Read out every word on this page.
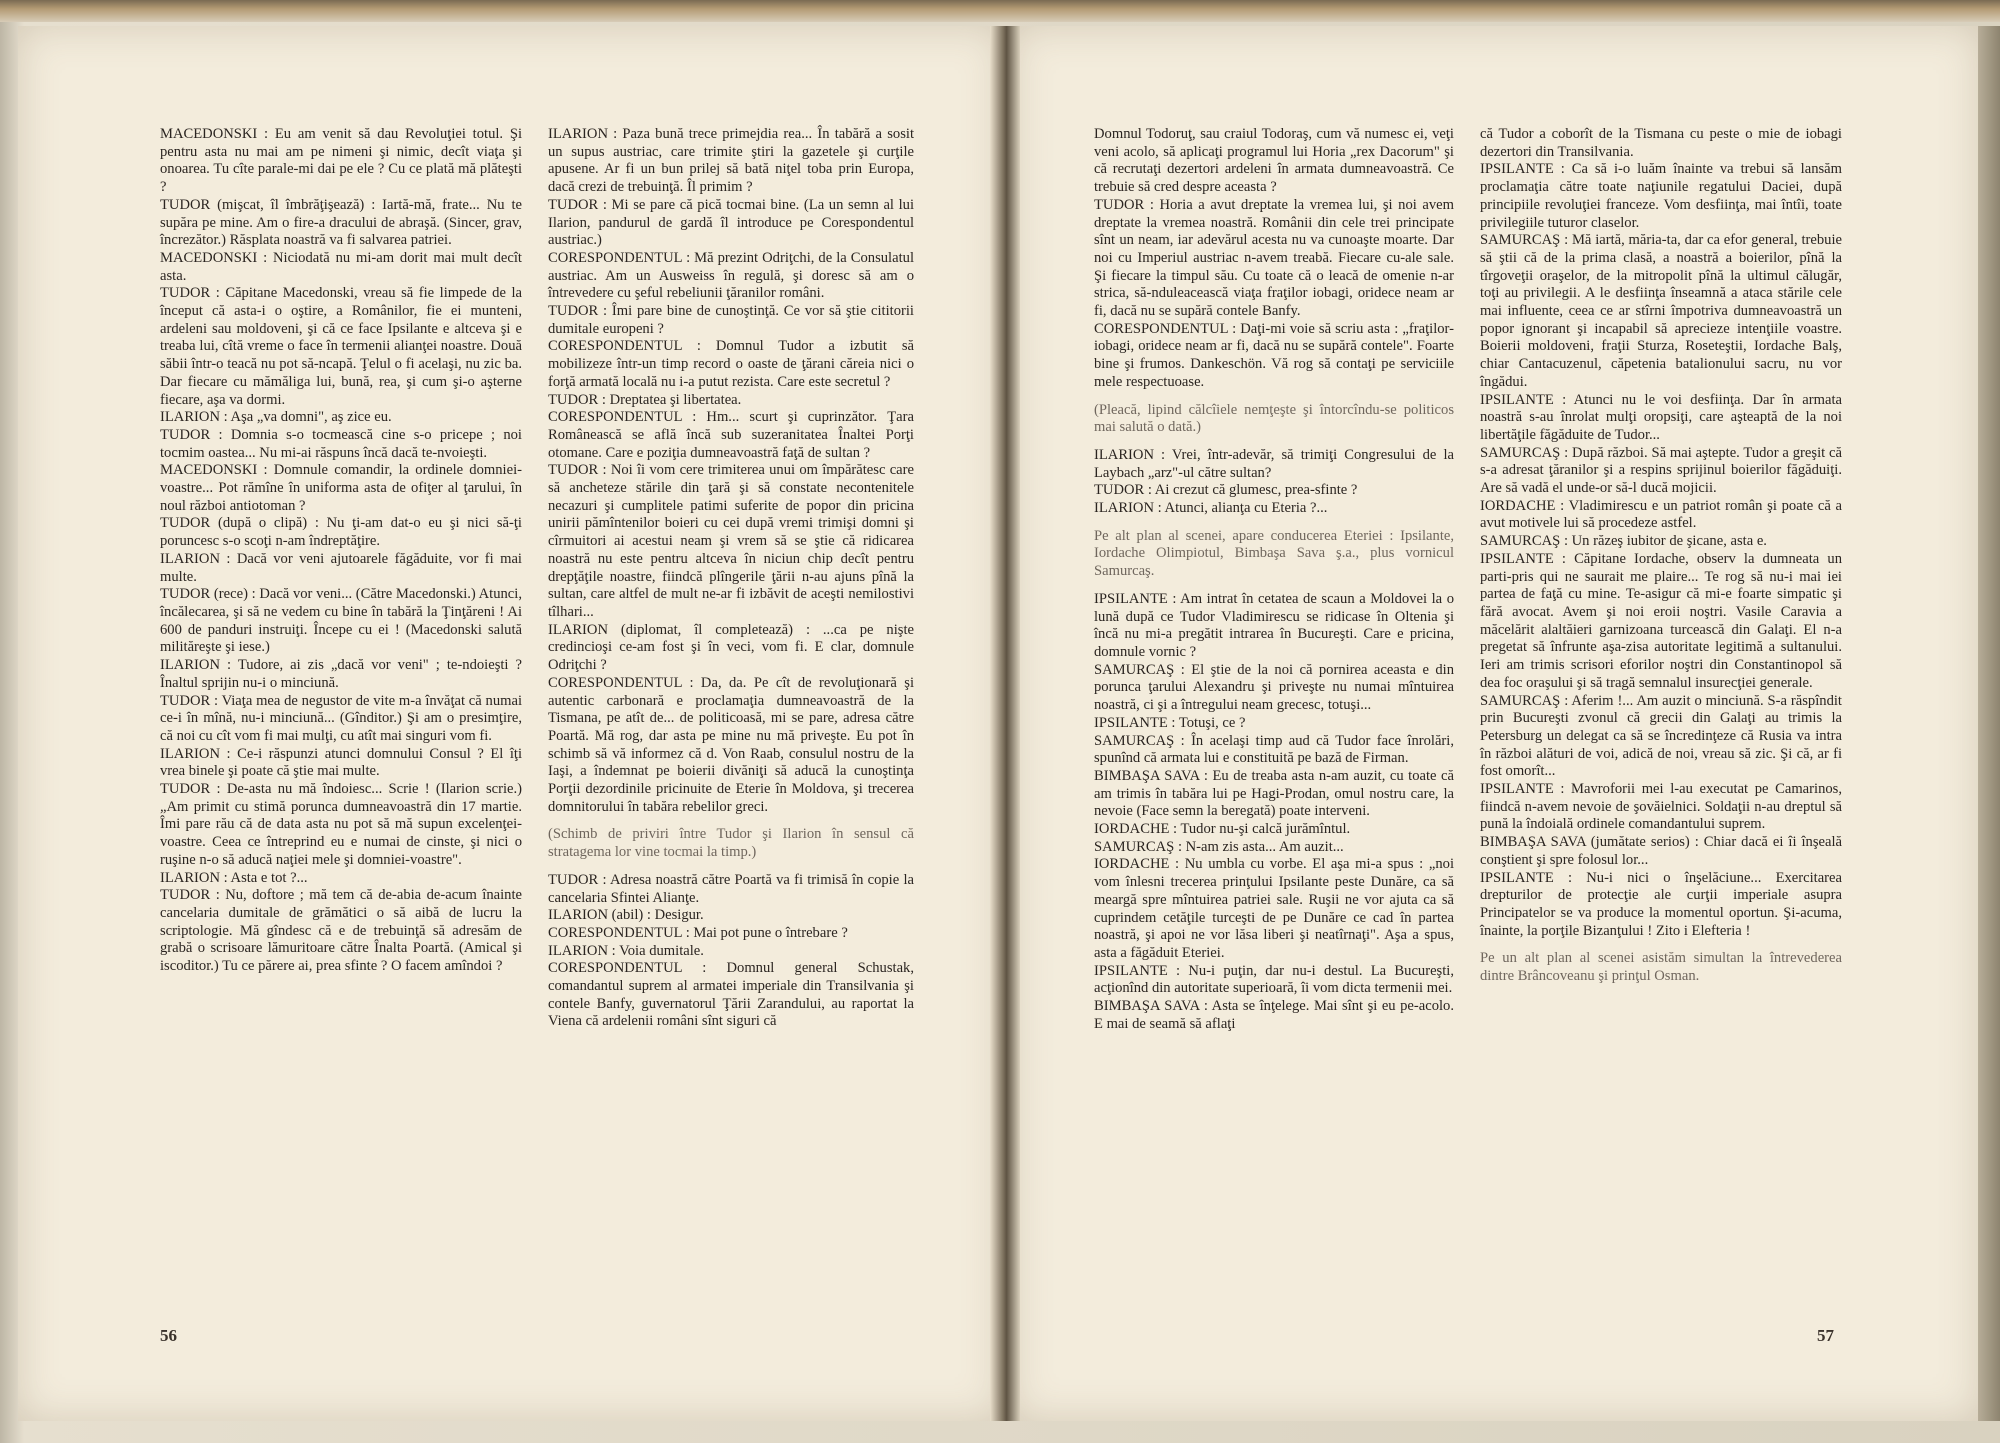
MACEDONSKI : Eu am venit să dau Revoluţiei totul. Şi pentru asta nu mai am pe nimeni şi nimic, decît viaţa şi onoarea. Tu cîte parale-mi dai pe ele ? Cu ce plată mă plăteşti ?

TUDOR (mişcat, îl îmbrăţişează) : Iartă-mă, frate... Nu te supăra pe mine. Am o fire-a dracului de abraşă. (Sincer, grav, încrezător.) Răsplata noastră va fi salvarea patriei.

MACEDONSKI : Niciodată nu mi-am dorit mai mult decît asta.

TUDOR : Căpitane Macedonski, vreau să fie limpede de la început că asta-i o oştire, a Românilor, fie ei munteni, ardeleni sau moldoveni, şi că ce face Ipsilante e altceva şi e treaba lui, cîtă vreme o face în termenii alianţei noastre. Două săbii într-o teacă nu pot să-ncapă. Ţelul o fi acelaşi, nu zic ba. Dar fiecare cu mămăliga lui, bună, rea, şi cum şi-o aşterne fiecare, aşa va dormi.

ILARION : Aşa „va domni", aş zice eu.

TUDOR : Domnia s-o tocmească cine s-o pricepe ; noi tocmim oastea... Nu mi-ai răspuns încă dacă te-nvoieşti.

MACEDONSKI : Domnule comandir, la ordinele domniei-voastre... Pot rămîne în uniforma asta de ofiţer al ţarului, în noul război antiotoman ?

TUDOR (după o clipă) : Nu ţi-am dat-o eu şi nici să-ţi poruncesc s-o scoţi n-am îndreptăţire.

ILARION : Dacă vor veni ajutoarele făgăduite, vor fi mai multe.

TUDOR (rece) : Dacă vor veni... (Către Macedonski.) Atunci, încălecarea, şi să ne vedem cu bine în tabără la Ţinţăreni ! Ai 600 de panduri instruiţi. Începe cu ei ! (Macedonski salută milităreşte şi iese.)

ILARION : Tudore, ai zis „dacă vor veni" ; te-ndoieşti ? Înaltul sprijin nu-i o minciună.

TUDOR : Viaţa mea de negustor de vite m-a învăţat că numai ce-i în mînă, nu-i minciună... (Gînditor.) Şi am o presimţire, că noi cu cît vom fi mai mulţi, cu atît mai singuri vom fi.

ILARION : Ce-i răspunzi atunci domnului Consul ? El îţi vrea binele şi poate că ştie mai multe.

TUDOR : De-asta nu mă îndoiesc... Scrie ! (Ilarion scrie.) „Am primit cu stimă porunca dumneavoastră din 17 martie. Îmi pare rău că de data asta nu pot să mă supun excelenţei-voastre. Ceea ce întreprind eu e numai de cinste, şi nici o ruşine n-o să aducă naţiei mele şi domniei-voastre".

ILARION : Asta e tot ?...

TUDOR : Nu, doftore ; mă tem că de-abia de-acum înainte cancelaria dumitale de grămătici o să aibă de lucru la scriptologie. Mă gîndesc că e de trebuinţă să adresăm de grabă o scrisoare lămuritoare către Înalta Poartă. (Amical şi iscoditor.) Tu ce părere ai, prea sfinte ? O facem amîndoi ?

ILARION : Paza bună trece primejdia rea... În tabără a sosit un supus austriac, care trimite ştiri la gazetele şi curţile apusene. Ar fi un bun prilej să bată niţel toba prin Europa, dacă crezi de trebuinţă. Îl primim ?

TUDOR : Mi se pare că pică tocmai bine. (La un semn al lui Ilarion, pandurul de gardă îl introduce pe Corespondentul austriac.)

CORESPONDENTUL : Mă prezint Odriţchi, de la Consulatul austriac. Am un Ausweiss în regulă, şi doresc să am o întrevedere cu şeful rebeliunii ţăranilor români.

TUDOR : Îmi pare bine de cunoştinţă. Ce vor să ştie cititorii dumitale europeni ?

CORESPONDENTUL : Domnul Tudor a izbutit să mobilizeze într-un timp record o oaste de ţărani căreia nici o forţă armată locală nu i-a putut rezista. Care este secretul ?

TUDOR : Dreptatea şi libertatea.

CORESPONDENTUL : Hm... scurt şi cuprinzător. Ţara Românească se află încă sub suzeranitatea Înaltei Porţi otomane. Care e poziţia dumneavoastră faţă de sultan ?

TUDOR : Noi îi vom cere trimiterea unui om împărătesc care să ancheteze stările din ţară şi să constate necontenitele necazuri şi cumplitele patimi suferite de popor din pricina unirii pămîntenilor boieri cu cei după vremi trimişi domni şi cîrmuitori ai acestui neam şi vrem să se ştie că ridicarea noastră nu este pentru altceva în niciun chip decît pentru drepţăţile noastre, fiindcă plîngerile ţării n-au ajuns pînă la sultan, care altfel de mult ne-ar fi izbăvit de aceşti nemilostivi tîlhari...

ILARION (diplomat, îl completează) : ...ca pe nişte credincioşi ce-am fost şi în veci, vom fi. E clar, domnule Odriţchi ?

CORESPONDENTUL : Da, da. Pe cît de revoluţionară şi autentic carbonară e proclamaţia dumneavoastră de la Tismana, pe atît de... de politicoasă, mi se pare, adresa către Poartă. Mă rog, dar asta pe mine nu mă priveşte. Eu pot în schimb să vă informez că d. Von Raab, consulul nostru de la Iaşi, a îndemnat pe boierii divăniţi să aducă la cunoştinţa Porţii dezordinile pricinuite de Eterie în Moldova, şi trecerea domnitorului în tabăra rebelilor greci.

(Schimb de priviri între Tudor şi Ilarion în sensul că stratagema lor vine tocmai la timp.)

TUDOR : Adresa noastră către Poartă va fi trimisă în copie la cancelaria Sfintei Alianţe.

ILARION (abil) : Desigur.

CORESPONDENTUL : Mai pot pune o întrebare ?

ILARION : Voia dumitale.

CORESPONDENTUL : Domnul general Schustak, comandantul suprem al armatei imperiale din Transilvania şi contele Banfy, guvernatorul Ţării Zarandului, au raportat la Viena că ardelenii români sînt siguri că

Domnul Todoruţ, sau craiul Todoraş, cum vă numesc ei, veţi veni acolo, să aplicaţi programul lui Horia „rex Dacorum" şi că recrutaţi dezertori ardeleni în armata dumneavoastră. Ce trebuie să cred despre aceasta ?

TUDOR : Horia a avut dreptate la vremea lui, şi noi avem dreptate la vremea noastră. Românii din cele trei principate sînt un neam, iar adevărul acesta nu va cunoaşte moarte. Dar noi cu Imperiul austriac n-avem treabă. Fiecare cu-ale sale. Şi fiecare la timpul său. Cu toate că o leacă de omenie n-ar strica, să-nduleacească viaţa fraţilor iobagi, oridece neam ar fi, dacă nu se supără contele Banfy.

CORESPONDENTUL : Daţi-mi voie să scriu asta : „fraţilor-iobagi, oridece neam ar fi, dacă nu se supără contele". Foarte bine şi frumos. Dankeschön. Vă rog să contaţi pe serviciile mele respectuoase.

(Pleacă, lipind călcîiele nemţeşte şi întorcîndu-se politicos mai salută o dată.)

ILARION : Vrei, într-adevăr, să trimiţi Congresului de la Laybach „arz"-ul către sultan?

TUDOR : Ai crezut că glumesc, prea-sfinte ?

ILARION : Atunci, alianţa cu Eteria ?...

Pe alt plan al scenei, apare conducerea Eteriei : Ipsilante, Iordache Olimpiotul, Bimbaşa Sava ş.a., plus vornicul Samurcaş.

IPSILANTE : Am intrat în cetatea de scaun a Moldovei la o lună după ce Tudor Vladimirescu se ridicase în Oltenia şi încă nu mi-a pregătit intrarea în Bucureşti. Care e pricina, domnule vornic ?

SAMURCAŞ : El ştie de la noi că pornirea aceasta e din porunca ţarului Alexandru şi priveşte nu numai mîntuirea noastră, ci şi a întregului neam grecesc, totuşi...

IPSILANTE : Totuşi, ce ?

SAMURCAŞ : În acelaşi timp aud că Tudor face înrolări, spunînd că armata lui e constituită pe bază de Firman.

BIMBAŞA SAVA : Eu de treaba asta n-am auzit, cu toate că am trimis în tabăra lui pe Hagi-Prodan, omul nostru care, la nevoie (Face semn la beregată) poate interveni.

IORDACHE : Tudor nu-şi calcă jurămîntul.

SAMURCAŞ : N-am zis asta... Am auzit...

IORDACHE : Nu umbla cu vorbe. El aşa mi-a spus : „noi vom înlesni trecerea prinţului Ipsilante peste Dunăre, ca să meargă spre mîntuirea patriei sale. Ruşii ne vor ajuta ca să cuprindem cetăţile turceşti de pe Dunăre ce cad în partea noastră, şi apoi ne vor lăsa liberi şi neatîrnaţi". Aşa a spus, asta a făgăduit Eteriei.

IPSILANTE : Nu-i puţin, dar nu-i destul. La Bucureşti, acţionînd din autoritate superioară, îi vom dicta termenii mei.

BIMBAŞA SAVA : Asta se înţelege. Mai sînt şi eu pe-acolo. E mai de seamă să aflaţi

că Tudor a coborît de la Tismana cu peste o mie de iobagi dezertori din Transilvania.

IPSILANTE : Ca să i-o luăm înainte va trebui să lansăm proclamaţia către toate naţiunile regatului Daciei, după principiile revoluţiei franceze. Vom desfiinţa, mai întîi, toate privilegiile tuturor claselor.

SAMURCAŞ : Mă iartă, măria-ta, dar ca efor general, trebuie să ştii că de la prima clasă, a noastră a boierilor, pînă la tîrgoveţii oraşelor, de la mitropolit pînă la ultimul călugăr, toţi au privilegii. A le desfiinţa înseamnă a ataca stările cele mai influente, ceea ce ar stîrni împotriva dumneavoastră un popor ignorant şi incapabil să aprecieze intenţiile voastre. Boierii moldoveni, fraţii Sturza, Roseteştii, Iordache Balş, chiar Cantacuzenul, căpetenia batalionului sacru, nu vor îngădui.

IPSILANTE : Atunci nu le voi desfiinţa. Dar în armata noastră s-au înrolat mulţi oropsiţi, care aşteaptă de la noi libertăţile făgăduite de Tudor...

SAMURCAŞ : După război. Să mai aştepte. Tudor a greşit că s-a adresat ţăranilor şi a respins sprijinul boierilor făgăduiţi. Are să vadă el unde-or să-l ducă mojicii.

IORDACHE : Vladimirescu e un patriot român şi poate că a avut motivele lui să procedeze astfel.

SAMURCAŞ : Un răzeş iubitor de şicane, asta e.

IPSILANTE : Căpitane Iordache, observ la dumneata un parti-pris qui ne saurait me plaire... Te rog să nu-i mai iei partea de faţă cu mine. Te-asigur că mi-e foarte simpatic şi fără avocat. Avem şi noi eroii noştri. Vasile Caravia a măcelărit alaltăieri garnizoana turcească din Galaţi. El n-a pregetat să înfrunte aşa-zisa autoritate legitimă a sultanului. Ieri am trimis scrisori eforilor noştri din Constantinopol să dea foc oraşului şi să tragă semnalul insurecţiei generale.

SAMURCAŞ : Aferim !... Am auzit o minciună. S-a răspîndit prin Bucureşti zvonul că grecii din Galaţi au trimis la Petersburg un delegat ca să se încredinţeze că Rusia va intra în război alături de voi, adică de noi, vreau să zic. Şi că, ar fi fost omorît...

IPSILANTE : Mavroforii mei l-au executat pe Camarinos, fiindcă n-avem nevoie de şovăielnici. Soldaţii n-au dreptul să pună la îndoială ordinele comandantului suprem.

BIMBAŞA SAVA (jumătate serios) : Chiar dacă ei îi înşeală conştient şi spre folosul lor...

IPSILANTE : Nu-i nici o înşelăciune... Exercitarea drepturilor de protecţie ale curţii imperiale asupra Principatelor se va produce la momentul oportun. Şi-acuma, înainte, la porţile Bizanţului ! Zito i Elefteria !

Pe un alt plan al scenei asistăm simultan la întrevederea dintre Brâncoveanu şi prinţul Osman.

56	57
